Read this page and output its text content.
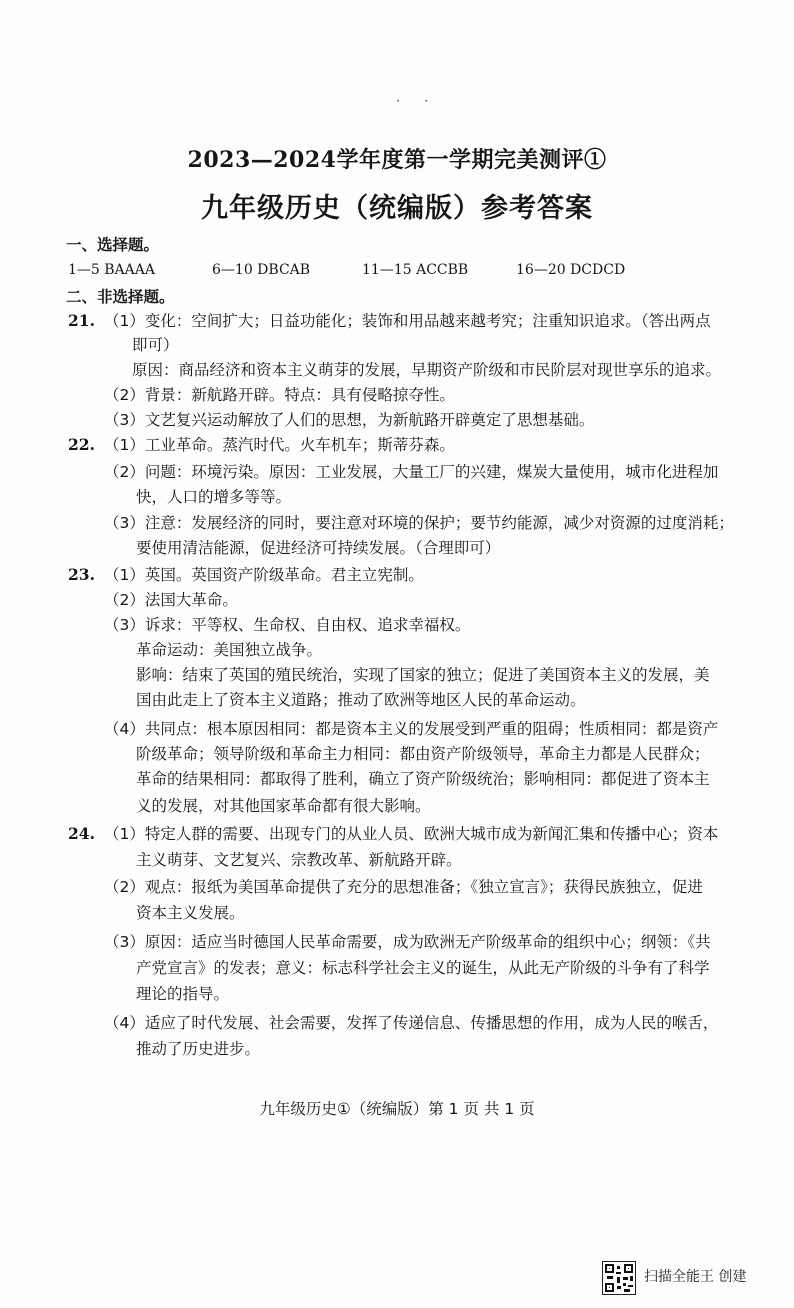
· ·
2023—2024学年度第一学期完美测评①
九年级历史（统编版）参考答案
一、选择题。
1—5 BAAAA	6—10 DBCAB	11—15 ACCBB	16—20 DCDCD
二、非选择题。
21. （1）变化：空间扩大；日益功能化；装饰和用品越来越考究；注重知识追求。（答出两点
即可）
原因：商品经济和资本主义萌芽的发展，早期资产阶级和市民阶层对现世享乐的追求。
（2）背景：新航路开辟。特点：具有侵略掠夺性。
（3）文艺复兴运动解放了人们的思想，为新航路开辟奠定了思想基础。
22. （1）工业革命。蒸汽时代。火车机车；斯蒂芬森。
（2）问题：环境污染。原因：工业发展，大量工厂的兴建，煤炭大量使用，城市化进程加
快，人口的增多等等。
（3）注意：发展经济的同时，要注意对环境的保护；要节约能源，减少对资源的过度消耗；
要使用清洁能源，促进经济可持续发展。（合理即可）
23. （1）英国。英国资产阶级革命。君主立宪制。
（2）法国大革命。
（3）诉求：平等权、生命权、自由权、追求幸福权。
革命运动：美国独立战争。
影响：结束了英国的殖民统治，实现了国家的独立；促进了美国资本主义的发展，美
国由此走上了资本主义道路；推动了欧洲等地区人民的革命运动。
（4）共同点：根本原因相同：都是资本主义的发展受到严重的阻碍；性质相同：都是资产
阶级革命；领导阶级和革命主力相同：都由资产阶级领导，革命主力都是人民群众；
革命的结果相同：都取得了胜利，确立了资产阶级统治；影响相同：都促进了资本主
义的发展，对其他国家革命都有很大影响。
24. （1）特定人群的需要、出现专门的从业人员、欧洲大城市成为新闻汇集和传播中心；资本
主义萌芽、文艺复兴、宗教改革、新航路开辟。
（2）观点：报纸为美国革命提供了充分的思想准备；《独立宣言》；获得民族独立，促进
资本主义发展。
（3）原因：适应当时德国人民革命需要，成为欧洲无产阶级革命的组织中心；纲领：《共
产党宣言》的发表；意义：标志科学社会主义的诞生，从此无产阶级的斗争有了科学
理论的指导。
（4）适应了时代发展、社会需要，发挥了传递信息、传播思想的作用，成为人民的喉舌，
推动了历史进步。
九年级历史①（统编版）第 1 页 共 1 页
扫描全能王 创建
